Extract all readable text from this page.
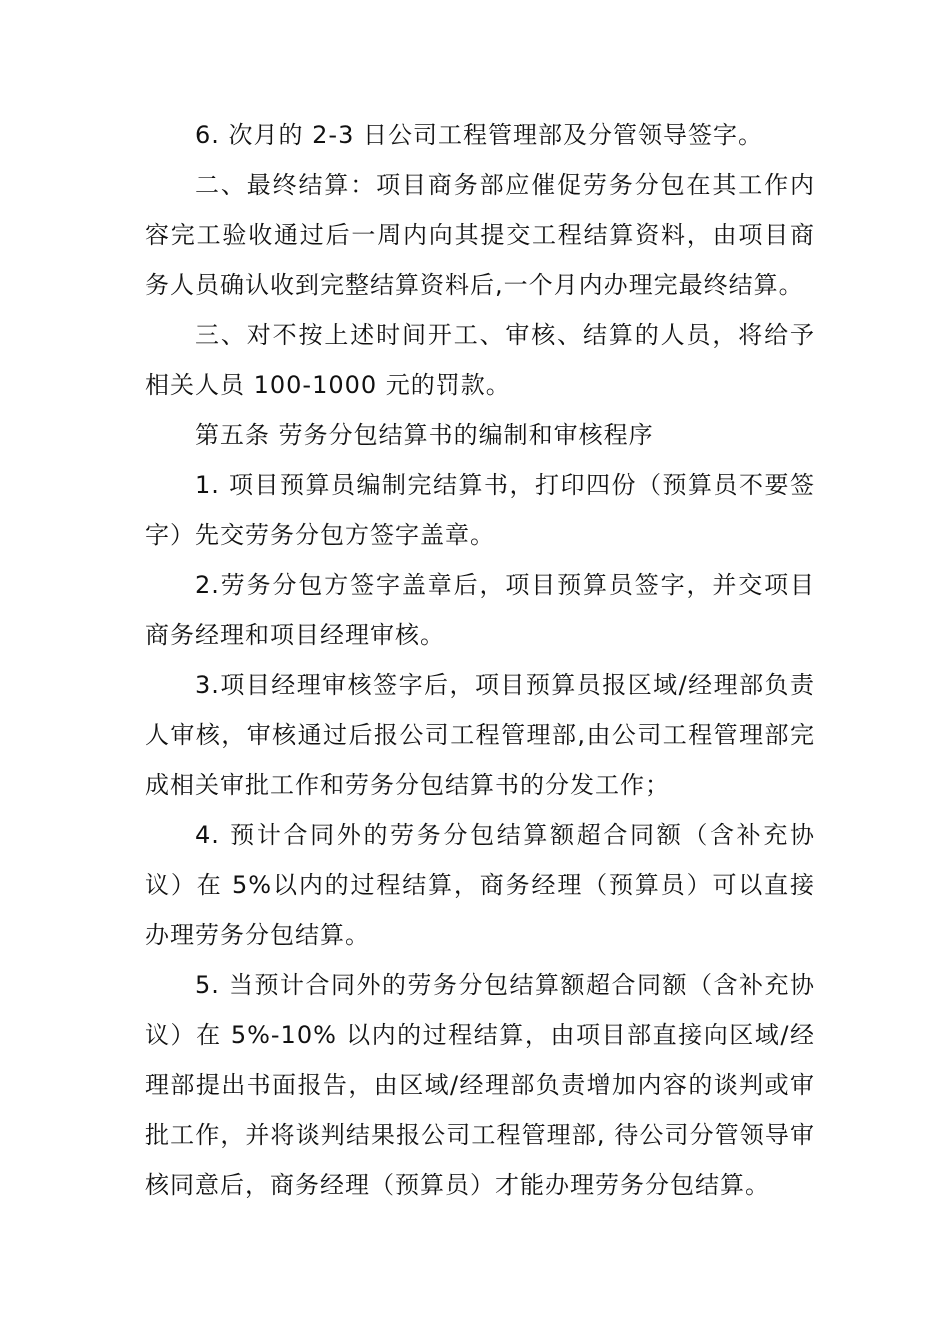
6. 次月的 2-3 日公司工程管理部及分管领导签字。

二、最终结算：项目商务部应催促劳务分包在其工作内容完工验收通过后一周内向其提交工程结算资料，由项目商务人员确认收到完整结算资料后,一个月内办理完最终结算。

三、对不按上述时间开工、审核、结算的人员，将给予相关人员 100-1000 元的罚款。

第五条 劳务分包结算书的编制和审核程序

1. 项目预算员编制完结算书，打印四份（预算员不要签字）先交劳务分包方签字盖章。

2.劳务分包方签字盖章后，项目预算员签字，并交项目商务经理和项目经理审核。

3.项目经理审核签字后，项目预算员报区域/经理部负责人审核，审核通过后报公司工程管理部,由公司工程管理部完成相关审批工作和劳务分包结算书的分发工作；

4. 预计合同外的劳务分包结算额超合同额（含补充协议）在 5%以内的过程结算，商务经理（预算员）可以直接办理劳务分包结算。

5. 当预计合同外的劳务分包结算额超合同额（含补充协议）在 5%-10% 以内的过程结算，由项目部直接向区域/经理部提出书面报告，由区域/经理部负责增加内容的谈判或审批工作，并将谈判结果报公司工程管理部, 待公司分管领导审核同意后，商务经理（预算员）才能办理劳务分包结算。
